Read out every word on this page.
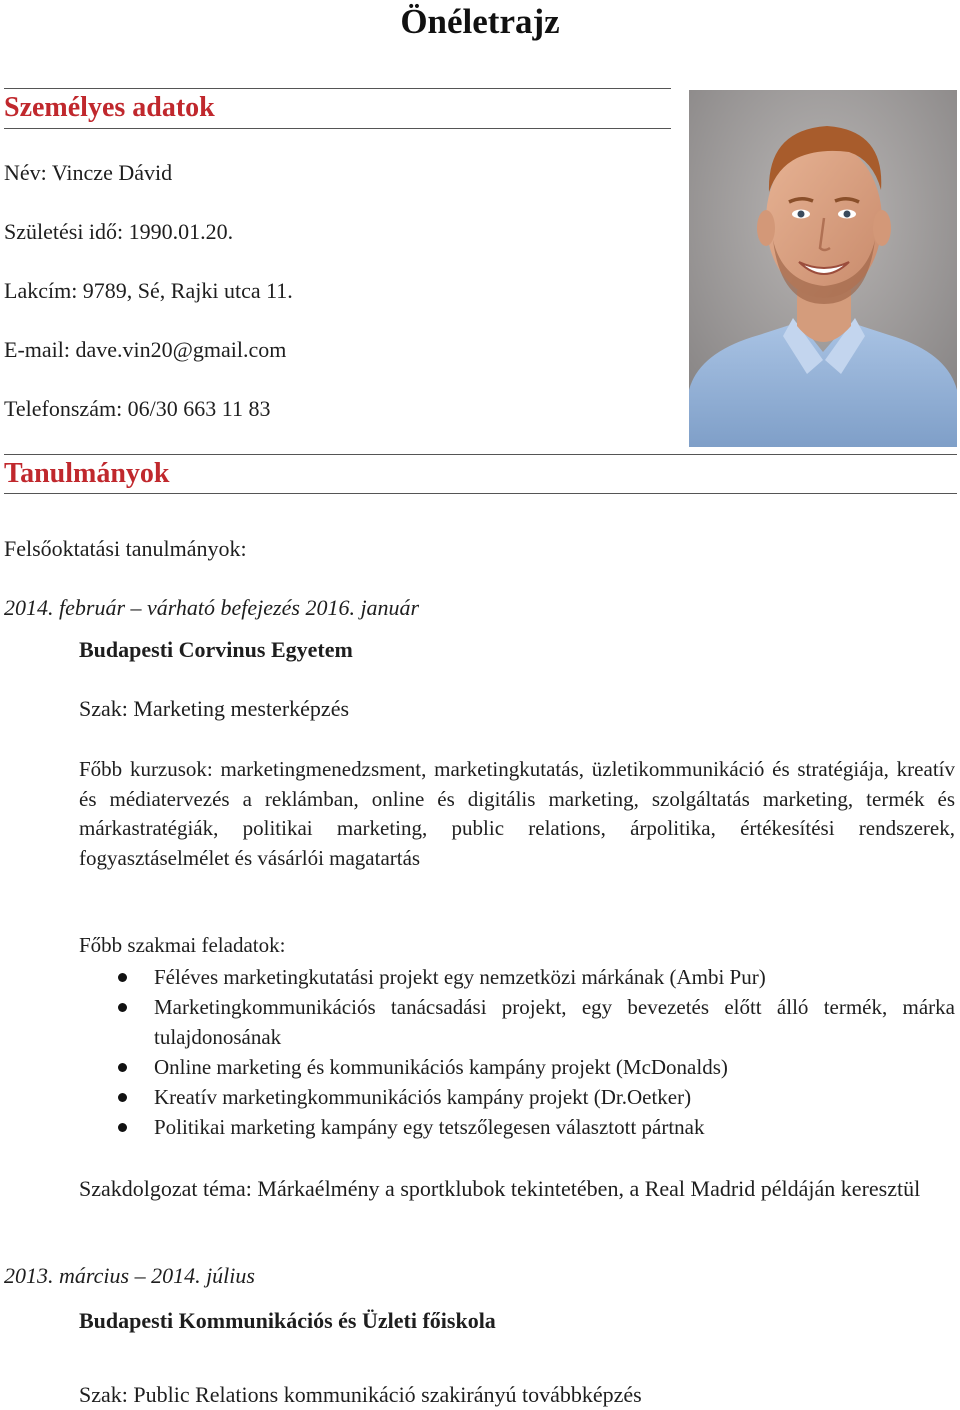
Önéletrajz
Személyes adatok
Név: Vincze Dávid
Születési idő: 1990.01.20.
Lakcím: 9789, Sé, Rajki utca 11.
E-mail: dave.vin20@gmail.com
Telefonszám: 06/30 663 11 83
Tanulmányok
Felsőoktatási tanulmányok:
2014. február – várható befejezés 2016. január
Budapesti Corvinus Egyetem
Szak: Marketing mesterképzés
Főbb kurzusok: marketingmenedzsment, marketingkutatás, üzletikommunikáció és stratégiája, kreatív és médiatervezés a reklámban, online és digitális marketing, szolgáltatás marketing, termék és márkastratégiák, politikai marketing, public relations, árpolitika, értékesítési rendszerek, fogyasztáselmélet és vásárlói magatartás
Főbb szakmai feladatok:
Féléves marketingkutatási projekt egy nemzetközi márkának (Ambi Pur)
Marketingkommunikációs tanácsadási projekt, egy bevezetés előtt álló termék, márka tulajdonosának
Online marketing és kommunikációs kampány projekt (McDonalds)
Kreatív marketingkommunikációs kampány projekt (Dr.Oetker)
Politikai marketing kampány egy tetszőlegesen választott pártnak
Szakdolgozat téma: Márkaélmény a sportklubok tekintetében, a Real Madrid példáján keresztül
2013. március – 2014. július
Budapesti Kommunikációs és Üzleti főiskola
Szak: Public Relations kommunikáció szakirányú továbbképzés
